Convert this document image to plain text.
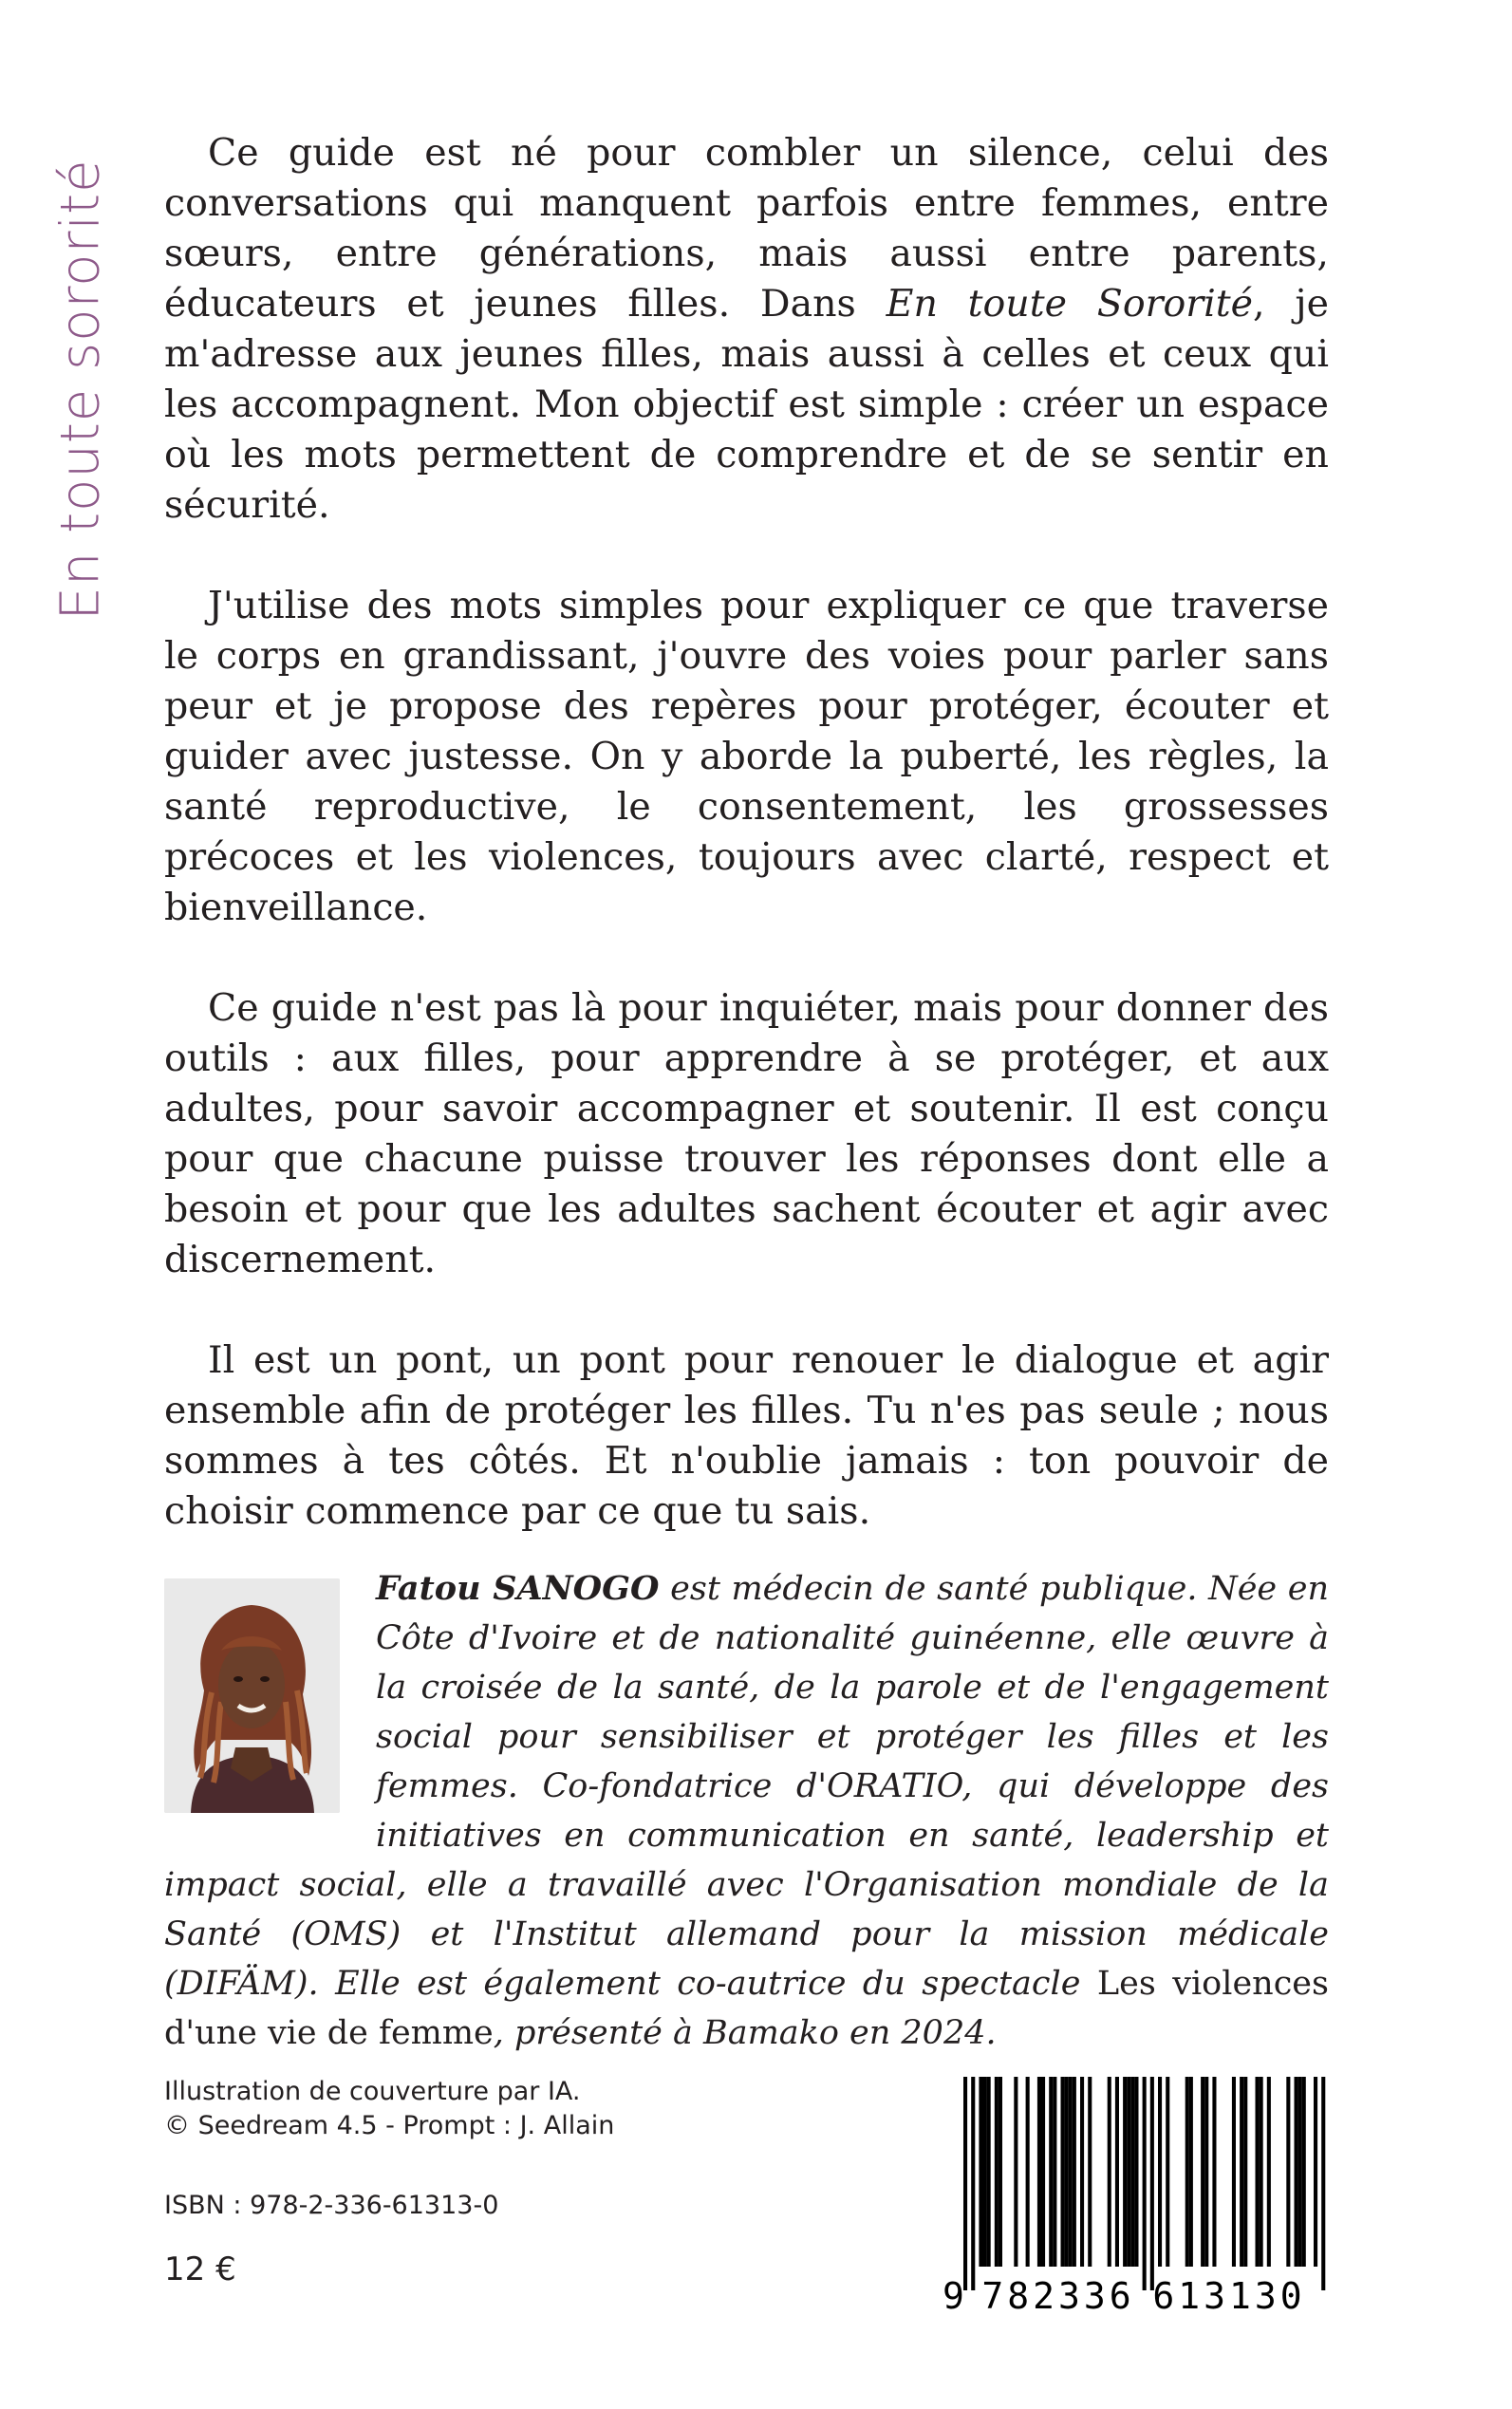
En toute sororité

Ce guide est né pour combler un silence, celui des conversations qui manquent parfois entre femmes, entre sœurs, entre générations, mais aussi entre parents, éducateurs et jeunes filles. Dans En toute Sororité, je m'adresse aux jeunes filles, mais aussi à celles et ceux qui les accompagnent. Mon objectif est simple : créer un espace où les mots permettent de comprendre et de se sentir en sécurité.

J'utilise des mots simples pour expliquer ce que traverse le corps en grandissant, j'ouvre des voies pour parler sans peur et je propose des repères pour protéger, écouter et guider avec justesse. On y aborde la puberté, les règles, la santé reproductive, le consentement, les grossesses précoces et les violences, toujours avec clarté, respect et bienveillance.

Ce guide n'est pas là pour inquiéter, mais pour donner des outils : aux filles, pour apprendre à se protéger, et aux adultes, pour savoir accompagner et soutenir. Il est conçu pour que chacune puisse trouver les réponses dont elle a besoin et pour que les adultes sachent écouter et agir avec discernement.

Il est un pont, un pont pour renouer le dialogue et agir ensemble afin de protéger les filles. Tu n'es pas seule ; nous sommes à tes côtés. Et n'oublie jamais : ton pouvoir de choisir commence par ce que tu sais.

Fatou SANOGO est médecin de santé publique. Née en Côte d'Ivoire et de nationalité guinéenne, elle œuvre à la croisée de la santé, de la parole et de l'engagement social pour sensibiliser et protéger les filles et les femmes. Co-fondatrice d'ORATIO, qui développe des initiatives en communication en santé, leadership et impact social, elle a travaillé avec l'Organisation mondiale de la Santé (OMS) et l'Institut allemand pour la mission médicale (DIFÄM). Elle est également co-autrice du spectacle Les violences d'une vie de femme, présenté à Bamako en 2024.
Illustration de couverture par IA.
© Seedream 4.5 - Prompt : J. Allain
ISBN : 978-2-336-61313-0
12 €
9 782336 613130
